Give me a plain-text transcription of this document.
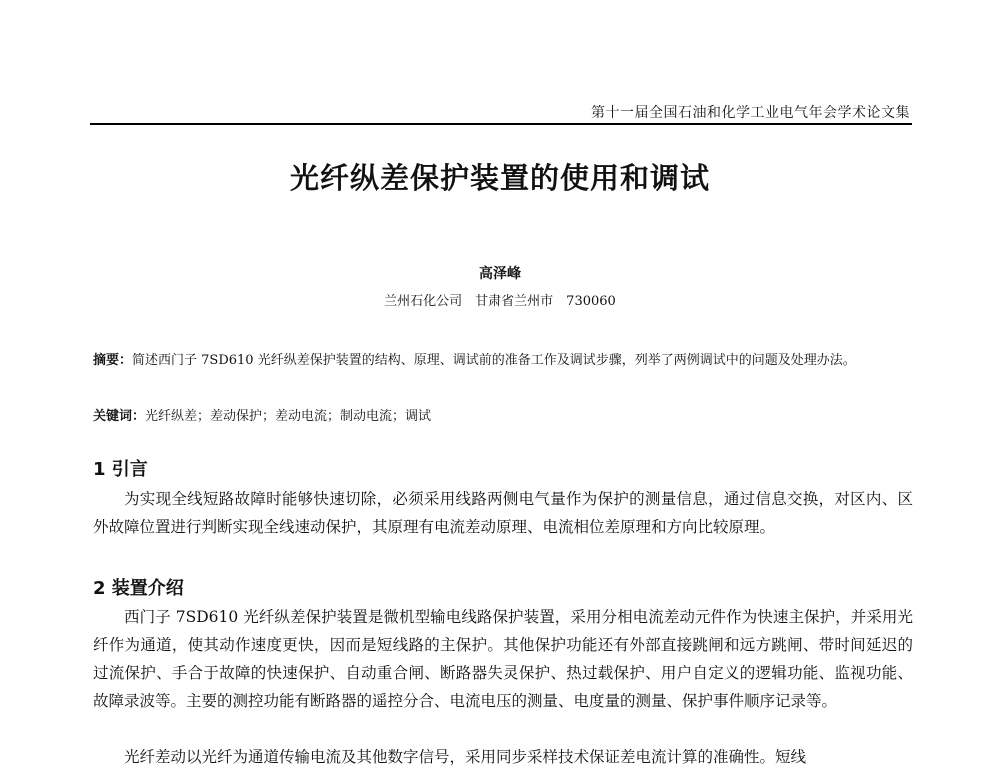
第十一届全国石油和化学工业电气年会学术论文集
光纤纵差保护装置的使用和调试
高泽峰
兰州石化公司　甘肃省兰州市　730060
摘要：简述西门子 7SD610 光纤纵差保护装置的结构、原理、调试前的准备工作及调试步骤，列举了两例调试中的问题及处理办法。
关键词：光纤纵差；差动保护；差动电流；制动电流；调试
1 引言

为实现全线短路故障时能够快速切除，必须采用线路两侧电气量作为保护的测量信息，通过信息交换，对区内、区外故障位置进行判断实现全线速动保护，其原理有电流差动原理、电流相位差原理和方向比较原理。

2 装置介绍

西门子 7SD610 光纤纵差保护装置是微机型输电线路保护装置，采用分相电流差动元件作为快速主保护，并采用光纤作为通道，使其动作速度更快，因而是短线路的主保护。其他保护功能还有外部直接跳闸和远方跳闸、带时间延迟的过流保护、手合于故障的快速保护、自动重合闸、断路器失灵保护、热过载保护、用户自定义的逻辑功能、监视功能、故障录波等。主要的测控功能有断路器的遥控分合、电流电压的测量、电度量的测量、保护事件顺序记录等。

光纤差动以光纤为通道传输电流及其他数字信号，采用同步采样技术保证差电流计算的准确性。短线
